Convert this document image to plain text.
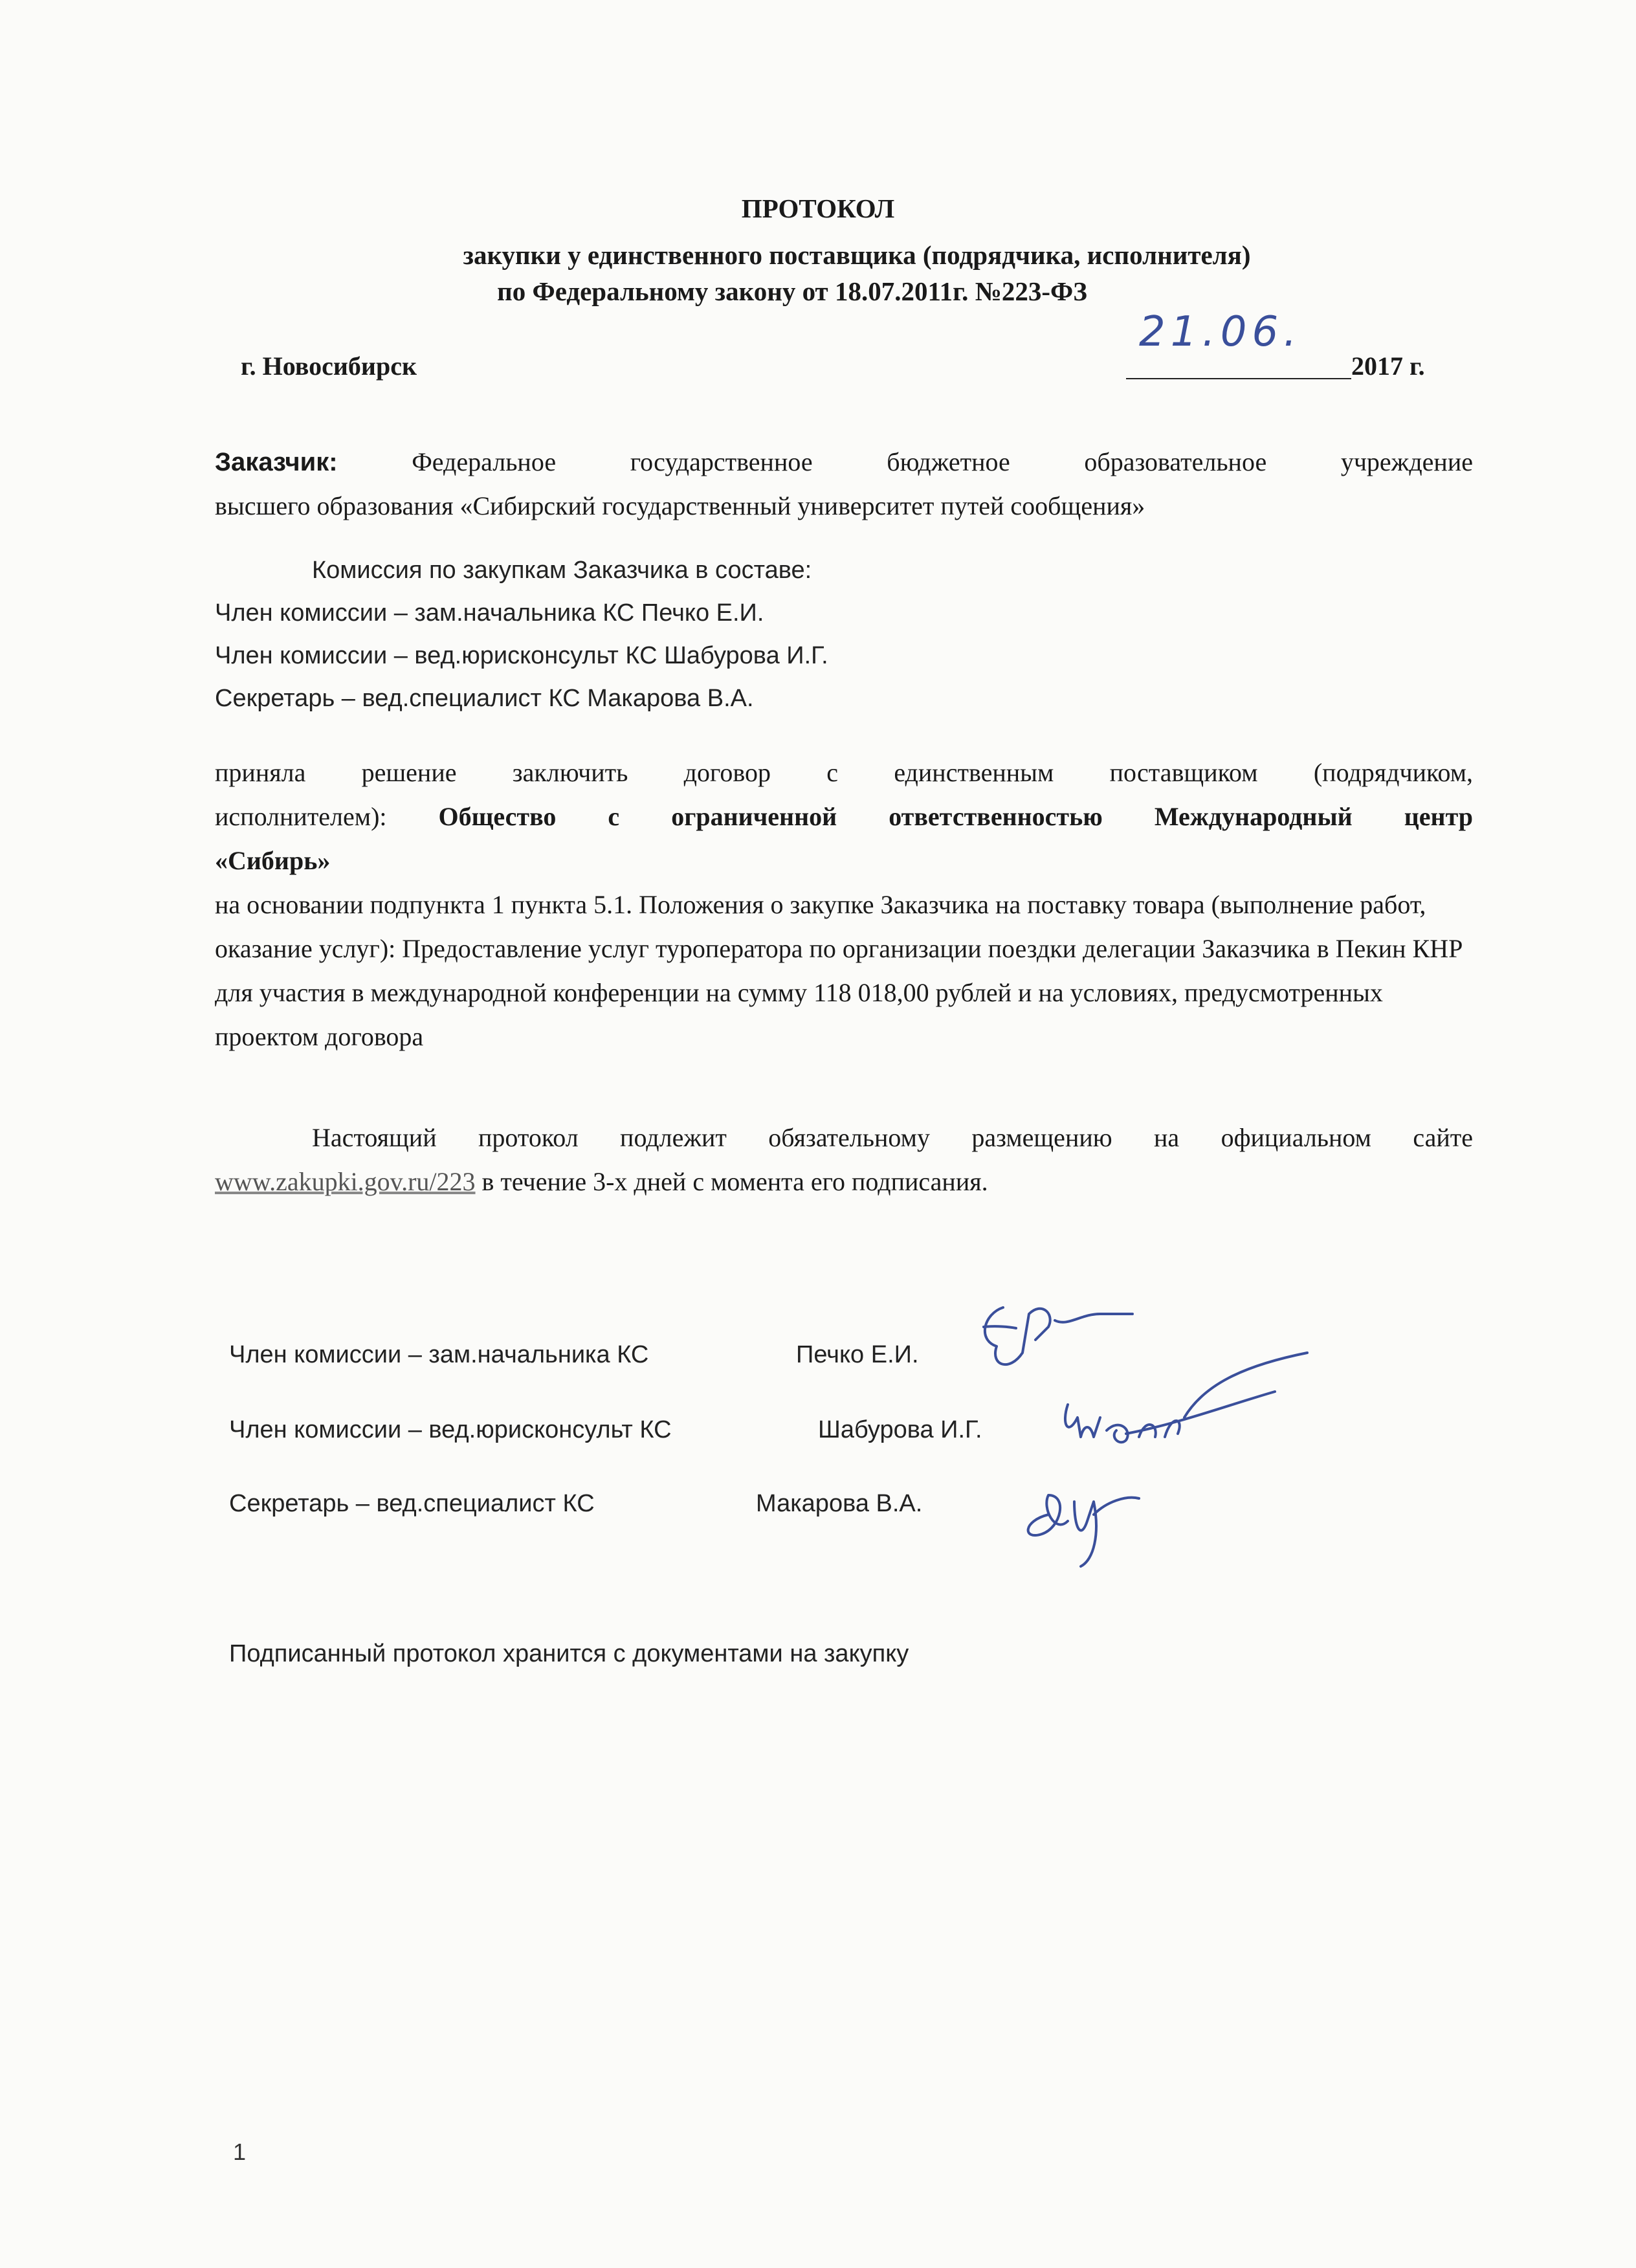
ПРОТОКОЛ
закупки у единственного поставщика (подрядчика, исполнителя)
по Федеральному закону от 18.07.2011г. №223-ФЗ
г. Новосибирск
21.06.
2017 г.
Заказчик:	Федеральное государственное бюджетное образовательное учреждение
высшего образования «Сибирский государственный университет путей сообщения»
Комиссия по закупкам Заказчика в составе:
Член комиссии – зам.начальника КС Печко Е.И.
Член комиссии – вед.юрисконсульт КС Шабурова И.Г.
Секретарь – вед.специалист КС Макарова В.А.
приняла решение заключить договор с единственным поставщиком (подрядчиком,
исполнителем): Общество с ограниченной ответственностью Международный центр
«Сибирь»
на основании подпункта 1 пункта 5.1. Положения о закупке Заказчика на поставку товара (выполнение работ, оказание услуг): Предоставление услуг туроператора по организации поездки делегации Заказчика в Пекин КНР для участия в международной конференции на сумму 118 018,00 рублей и на условиях, предусмотренных проектом договора
Настоящий протокол подлежит обязательному размещению на официальном сайте
www.zakupki.gov.ru/223 в течение 3-х дней с момента его подписания.
Член комиссии – зам.начальника КС	Печко Е.И.
Член комиссии – вед.юрисконсульт КС	Шабурова И.Г.
Секретарь – вед.специалист КС	Макарова В.А.
Подписанный протокол хранится с документами на закупку
1
